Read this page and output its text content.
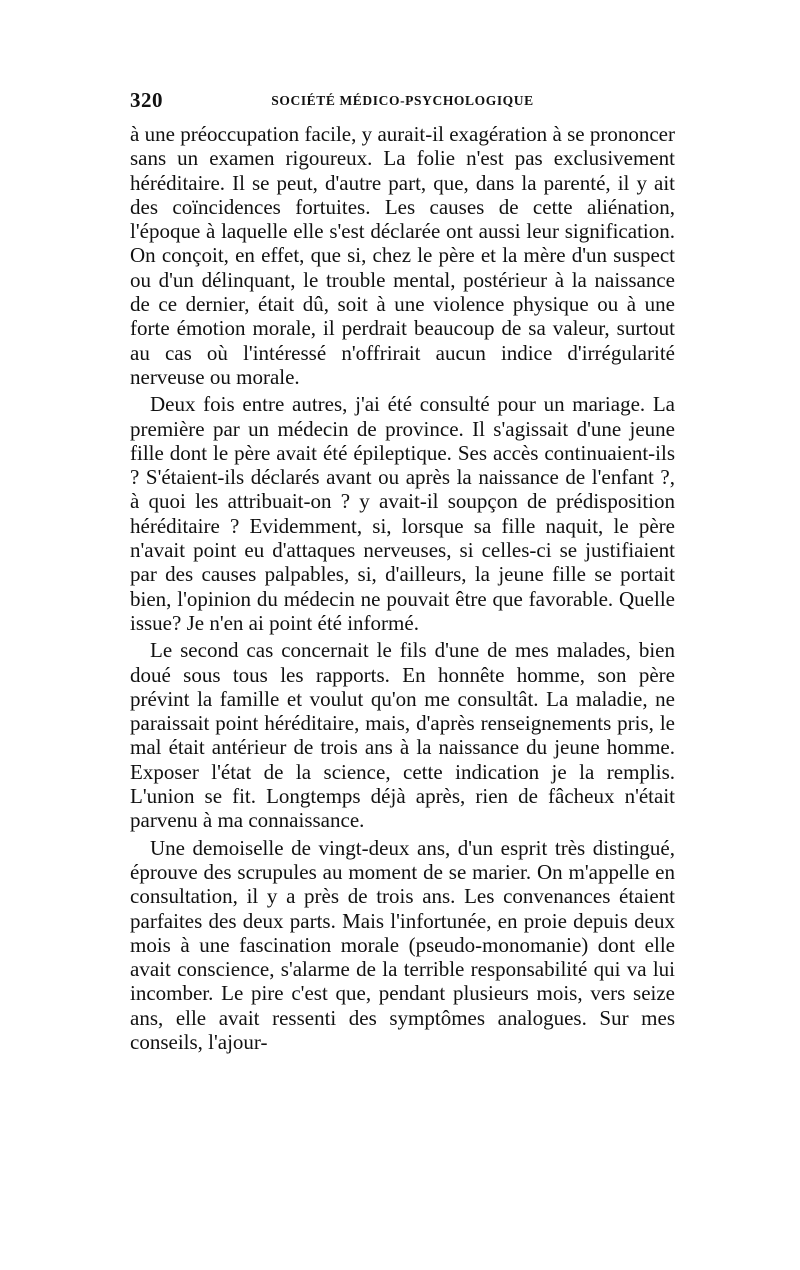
320	SOCIÉTÉ MÉDICO-PSYCHOLOGIQUE

à une préoccupation facile, y aurait-il exagération à se prononcer sans un examen rigoureux. La folie n'est pas exclusivement héréditaire. Il se peut, d'autre part, que, dans la parenté, il y ait des coïncidences fortuites. Les causes de cette aliénation, l'époque à laquelle elle s'est déclarée ont aussi leur signification. On conçoit, en effet, que si, chez le père et la mère d'un suspect ou d'un délinquant, le trouble mental, postérieur à la naissance de ce dernier, était dû, soit à une violence physique ou à une forte émotion morale, il perdrait beaucoup de sa valeur, surtout au cas où l'intéressé n'offrirait aucun indice d'irrégularité nerveuse ou morale.

Deux fois entre autres, j'ai été consulté pour un mariage. La première par un médecin de province. Il s'agissait d'une jeune fille dont le père avait été épileptique. Ses accès continuaient-ils ? S'étaient-ils déclarés avant ou après la naissance de l'enfant ?, à quoi les attribuait-on ? y avait-il soupçon de prédisposition héréditaire ? Evidemment, si, lorsque sa fille naquit, le père n'avait point eu d'attaques nerveuses, si celles-ci se justifiaient par des causes palpables, si, d'ailleurs, la jeune fille se portait bien, l'opinion du médecin ne pouvait être que favorable. Quelle issue? Je n'en ai point été informé.

Le second cas concernait le fils d'une de mes malades, bien doué sous tous les rapports. En honnête homme, son père prévint la famille et voulut qu'on me consultât. La maladie, ne paraissait point héréditaire, mais, d'après renseignements pris, le mal était antérieur de trois ans à la naissance du jeune homme. Exposer l'état de la science, cette indication je la remplis. L'union se fit. Longtemps déjà après, rien de fâcheux n'était parvenu à ma connaissance.

Une demoiselle de vingt-deux ans, d'un esprit très distingué, éprouve des scrupules au moment de se marier. On m'appelle en consultation, il y a près de trois ans. Les convenances étaient parfaites des deux parts. Mais l'infortunée, en proie depuis deux mois à une fascination morale (pseudo-monomanie) dont elle avait conscience, s'alarme de la terrible responsabilité qui va lui incomber. Le pire c'est que, pendant plusieurs mois, vers seize ans, elle avait ressenti des symptômes analogues. Sur mes conseils, l'ajour-
